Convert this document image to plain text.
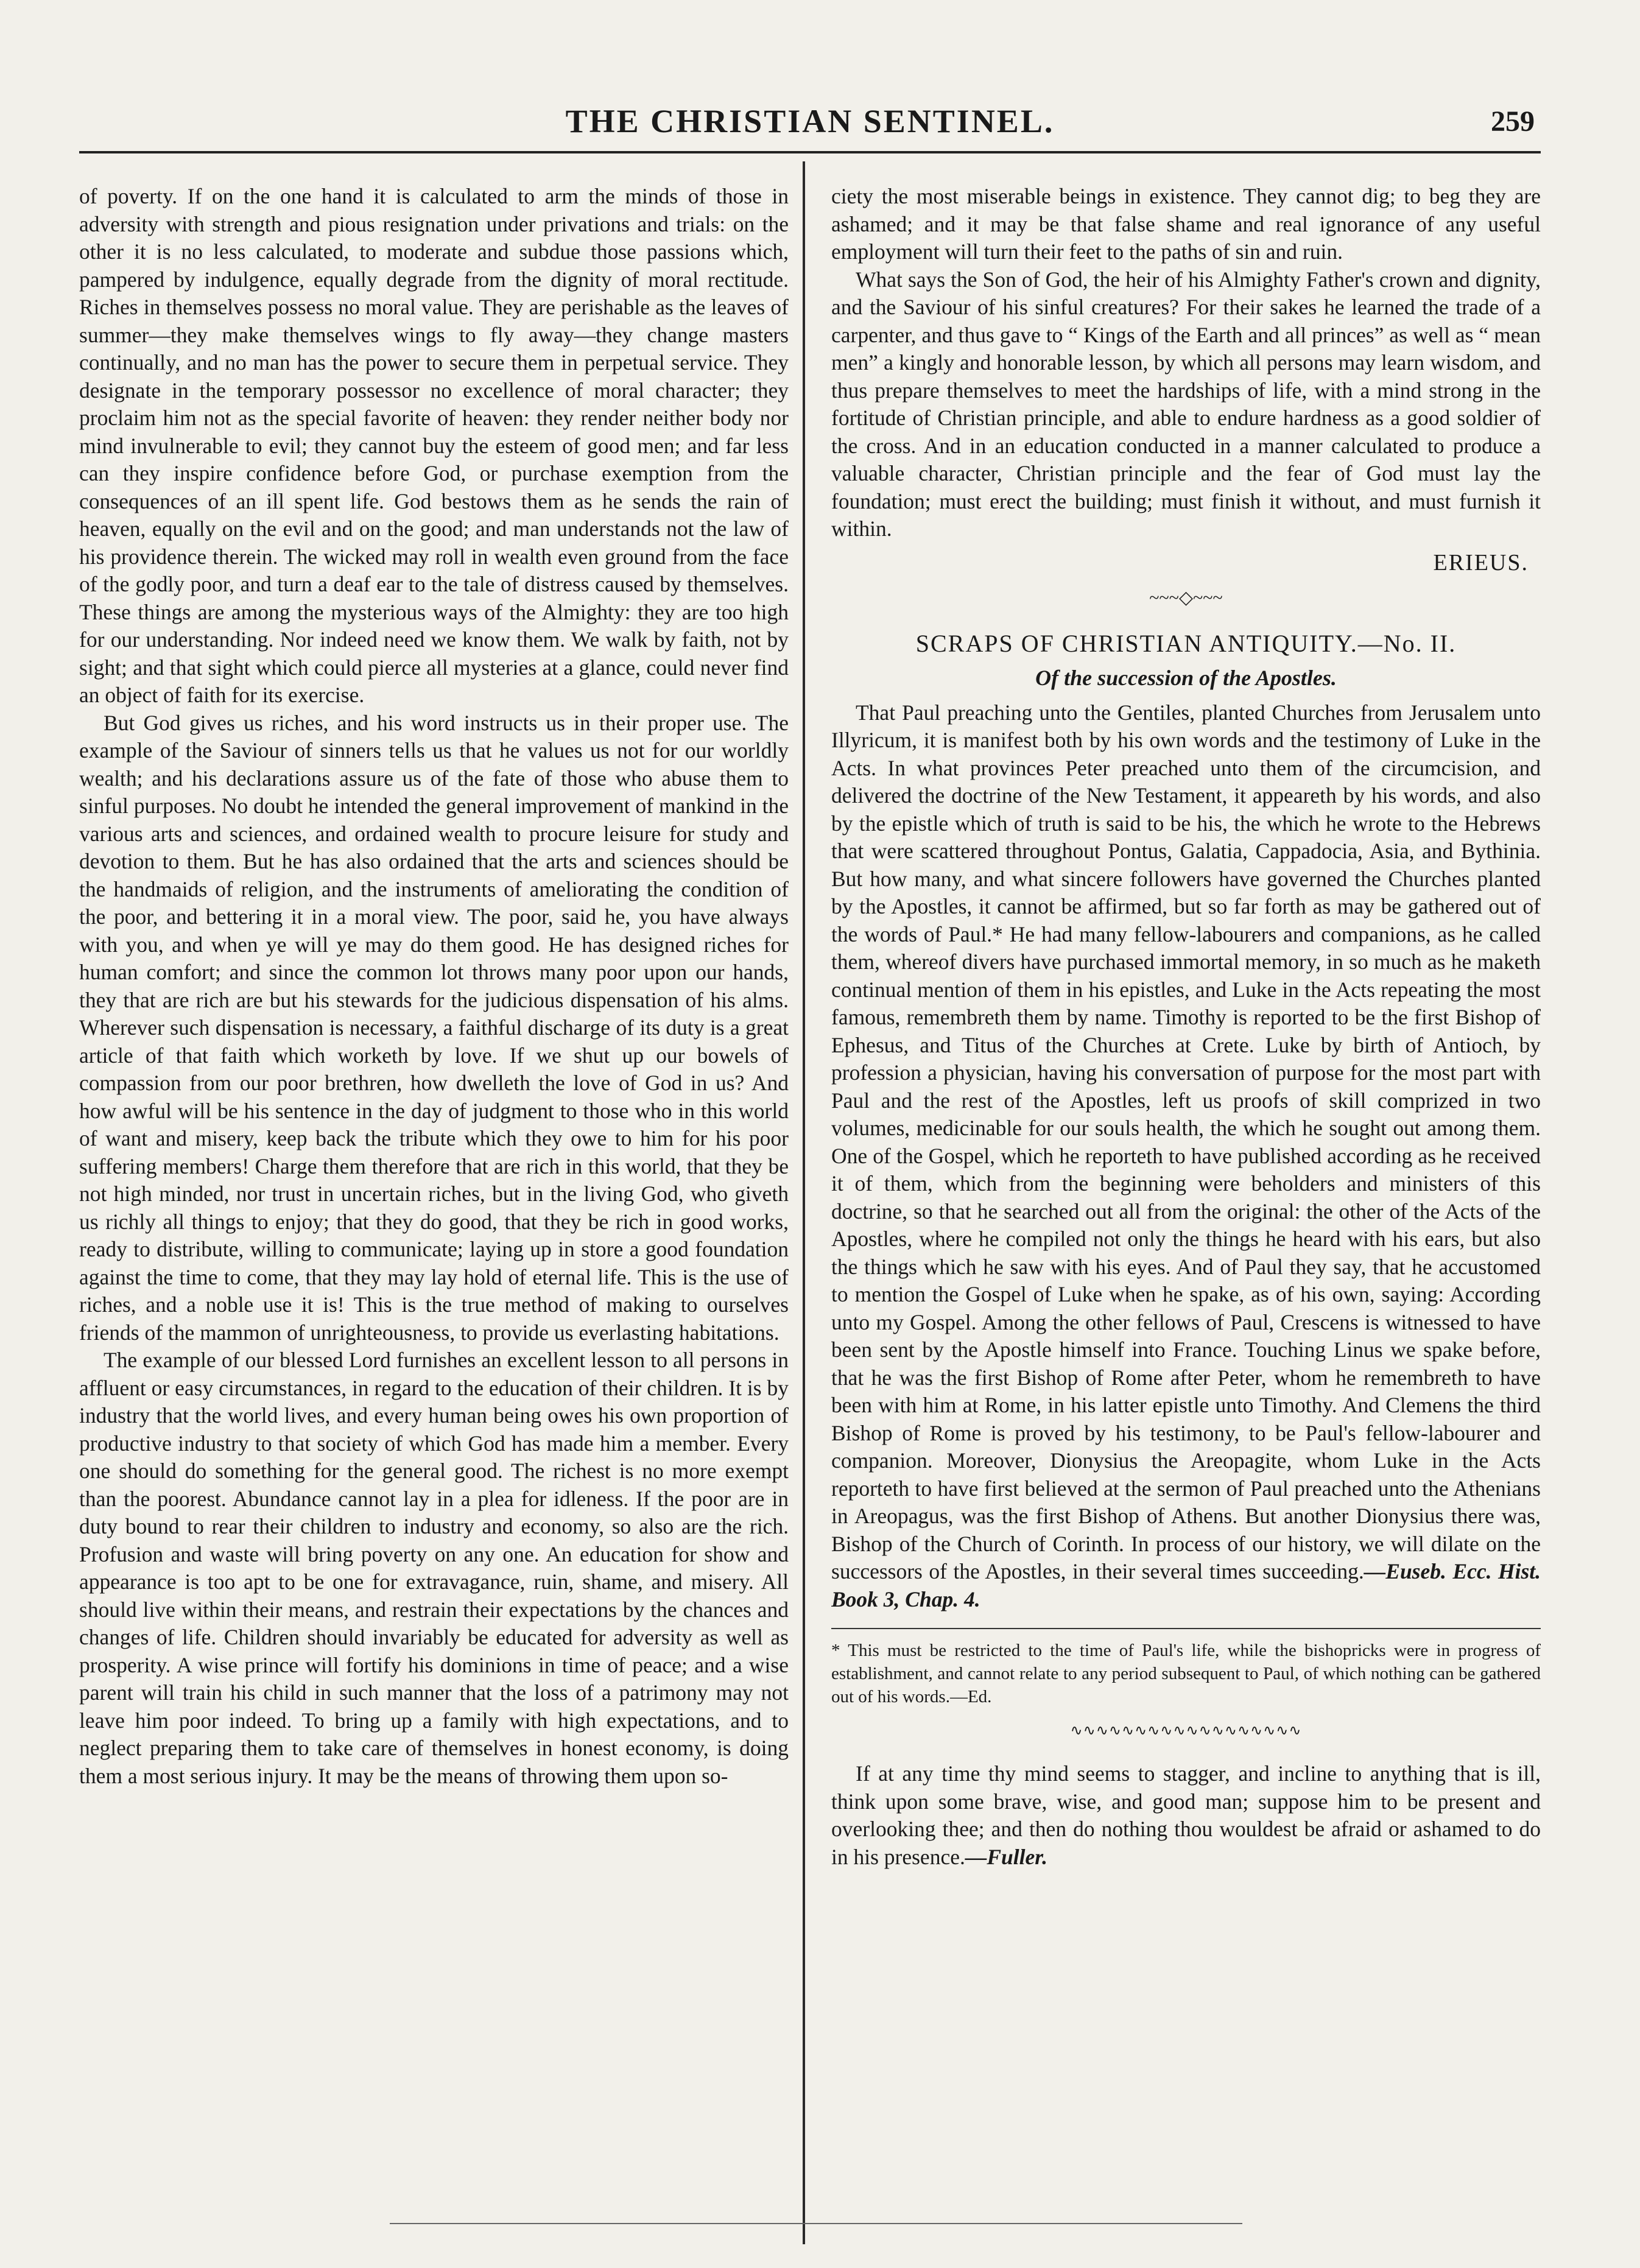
THE CHRISTIAN SENTINEL.	259

of poverty. If on the one hand it is calculated to arm the minds of those in adversity with strength and pious resignation under privations and trials: on the other it is no less calculated, to moderate and subdue those passions which, pampered by indulgence, equally degrade from the dignity of moral rectitude. Riches in themselves possess no moral value. They are perishable as the leaves of summer—they make themselves wings to fly away—they change masters continually, and no man has the power to secure them in perpetual service. They designate in the temporary possessor no excellence of moral character; they proclaim him not as the special favorite of heaven: they render neither body nor mind invulnerable to evil; they cannot buy the esteem of good men; and far less can they inspire confidence before God, or purchase exemption from the consequences of an ill spent life. God bestows them as he sends the rain of heaven, equally on the evil and on the good; and man understands not the law of his providence therein. The wicked may roll in wealth even ground from the face of the godly poor, and turn a deaf ear to the tale of distress caused by themselves. These things are among the mysterious ways of the Almighty: they are too high for our understanding. Nor indeed need we know them. We walk by faith, not by sight; and that sight which could pierce all mysteries at a glance, could never find an object of faith for its exercise.

But God gives us riches, and his word instructs us in their proper use. The example of the Saviour of sinners tells us that he values us not for our worldly wealth; and his declarations assure us of the fate of those who abuse them to sinful purposes. No doubt he intended the general improvement of mankind in the various arts and sciences, and ordained wealth to procure leisure for study and devotion to them. But he has also ordained that the arts and sciences should be the handmaids of religion, and the instruments of ameliorating the condition of the poor, and bettering it in a moral view. The poor, said he, you have always with you, and when ye will ye may do them good. He has designed riches for human comfort; and since the common lot throws many poor upon our hands, they that are rich are but his stewards for the judicious dispensation of his alms. Wherever such dispensation is necessary, a faithful discharge of its duty is a great article of that faith which worketh by love. If we shut up our bowels of compassion from our poor brethren, how dwelleth the love of God in us? And how awful will be his sentence in the day of judgment to those who in this world of want and misery, keep back the tribute which they owe to him for his poor suffering members! Charge them therefore that are rich in this world, that they be not high minded, nor trust in uncertain riches, but in the living God, who giveth us richly all things to enjoy; that they do good, that they be rich in good works, ready to distribute, willing to communicate; laying up in store a good foundation against the time to come, that they may lay hold of eternal life. This is the use of riches, and a noble use it is! This is the true method of making to ourselves friends of the mammon of unrighteousness, to provide us everlasting habitations.

The example of our blessed Lord furnishes an excellent lesson to all persons in affluent or easy circumstances, in regard to the education of their children. It is by industry that the world lives, and every human being owes his own proportion of productive industry to that society of which God has made him a member. Every one should do something for the general good. The richest is no more exempt than the poorest. Abundance cannot lay in a plea for idleness. If the poor are in duty bound to rear their children to industry and economy, so also are the rich. Profusion and waste will bring poverty on any one. An education for show and appearance is too apt to be one for extravagance, ruin, shame, and misery. All should live within their means, and restrain their expectations by the chances and changes of life. Children should invariably be educated for adversity as well as prosperity. A wise prince will fortify his dominions in time of peace; and a wise parent will train his child in such manner that the loss of a patrimony may not leave him poor indeed. To bring up a family with high expectations, and to neglect preparing them to take care of themselves in honest economy, is doing them a most serious injury. It may be the means of throwing them upon so-

ciety the most miserable beings in existence. They cannot dig; to beg they are ashamed; and it may be that false shame and real ignorance of any useful employment will turn their feet to the paths of sin and ruin.

What says the Son of God, the heir of his Almighty Father's crown and dignity, and the Saviour of his sinful creatures? For their sakes he learned the trade of a carpenter, and thus gave to “ Kings of the Earth and all princes” as well as “ mean men” a kingly and honorable lesson, by which all persons may learn wisdom, and thus prepare themselves to meet the hardships of life, with a mind strong in the fortitude of Christian principle, and able to endure hardness as a good soldier of the cross. And in an education conducted in a manner calculated to produce a valuable character, Christian principle and the fear of God must lay the foundation; must erect the building; must finish it without, and must furnish it within.

ERIEUS.
~~~◇~~~
SCRAPS OF CHRISTIAN ANTIQUITY.—No. II.
Of the succession of the Apostles.

That Paul preaching unto the Gentiles, planted Churches from Jerusalem unto Illyricum, it is manifest both by his own words and the testimony of Luke in the Acts. In what provinces Peter preached unto them of the circumcision, and delivered the doctrine of the New Testament, it appeareth by his words, and also by the epistle which of truth is said to be his, the which he wrote to the Hebrews that were scattered throughout Pontus, Galatia, Cappadocia, Asia, and Bythinia. But how many, and what sincere followers have governed the Churches planted by the Apostles, it cannot be affirmed, but so far forth as may be gathered out of the words of Paul.* He had many fellow-labourers and companions, as he called them, whereof divers have purchased immortal memory, in so much as he maketh continual mention of them in his epistles, and Luke in the Acts repeating the most famous, remembreth them by name. Timothy is reported to be the first Bishop of Ephesus, and Titus of the Churches at Crete. Luke by birth of Antioch, by profession a physician, having his conversation of purpose for the most part with Paul and the rest of the Apostles, left us proofs of skill comprized in two volumes, medicinable for our souls health, the which he sought out among them. One of the Gospel, which he reporteth to have published according as he received it of them, which from the beginning were beholders and ministers of this doctrine, so that he searched out all from the original: the other of the Acts of the Apostles, where he compiled not only the things he heard with his ears, but also the things which he saw with his eyes. And of Paul they say, that he accustomed to mention the Gospel of Luke when he spake, as of his own, saying: According unto my Gospel. Among the other fellows of Paul, Crescens is witnessed to have been sent by the Apostle himself into France. Touching Linus we spake before, that he was the first Bishop of Rome after Peter, whom he remembreth to have been with him at Rome, in his latter epistle unto Timothy. And Clemens the third Bishop of Rome is proved by his testimony, to be Paul's fellow-labourer and companion. Moreover, Dionysius the Areopagite, whom Luke in the Acts reporteth to have first believed at the sermon of Paul preached unto the Athenians in Areopagus, was the first Bishop of Athens. But another Dionysius there was, Bishop of the Church of Corinth. In process of our history, we will dilate on the successors of the Apostles, in their several times succeeding.—Euseb. Ecc. Hist. Book 3, Chap. 4.

* This must be restricted to the time of Paul's life, while the bishopricks were in progress of establishment, and cannot relate to any period subsequent to Paul, of which nothing can be gathered out of his words.—Ed.

∿∿∿∿∿∿∿∿∿∿∿∿∿∿∿∿∿∿

If at any time thy mind seems to stagger, and incline to anything that is ill, think upon some brave, wise, and good man; suppose him to be present and overlooking thee; and then do nothing thou wouldest be afraid or ashamed to do in his presence.—Fuller.
